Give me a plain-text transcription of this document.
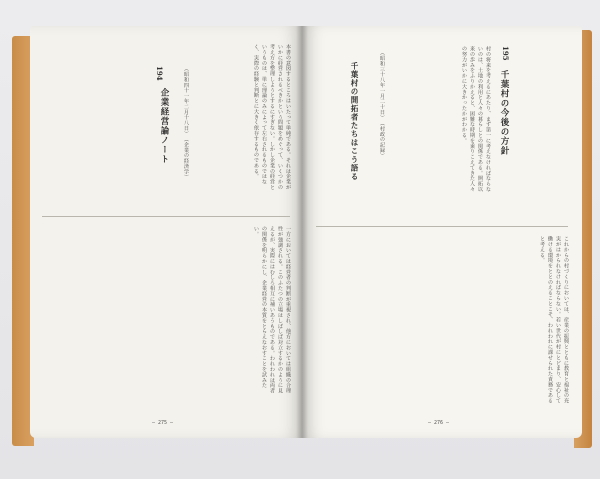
本書の意図するところはいたって単純である。それは企業がいかに経営されるべきかという問題をめぐって、いくつかの考え方を整理しようとするにすぎない。しかし企業の経営というものは、単に理論のみによって左右されるものではなく、実際の経験と判断とに大きく依存するものである。
194
企業経営論ノート	（昭和四十一年二月十八日）　（企業の経済学）
一方においては経営者の判断が重視され、他方においては組織の合理性が強調される。このふたつの立場はしばしば対立するかのように見えるが、実際にはむしろ相互に補いあうものである。われわれは両者の関係を明らかにし、企業経営の本質をとらえなおすことを試みたい。
— 275 —
195
千葉村の今後の方針
村の将来を考えるにあたり、まず第一に考えなければならないのは、土地の利用と人々の暮らしとの関係である。開拓以来の歩みをふりかえると、困難な時期を乗りこえてきた人々の努力がいかに大きかったかがわかる。
（昭和三十八年一月二十日）　（村政の記録）
千葉村の開拓者たちはこう語る
これからの村づくりにおいては、産業の振興とともに教育と福祉の充実がはかられなければならない。若い世代が村にとどまり、安心して働ける環境をととのえることこそ、われわれに課せられた責務であると考える。
— 276 —
